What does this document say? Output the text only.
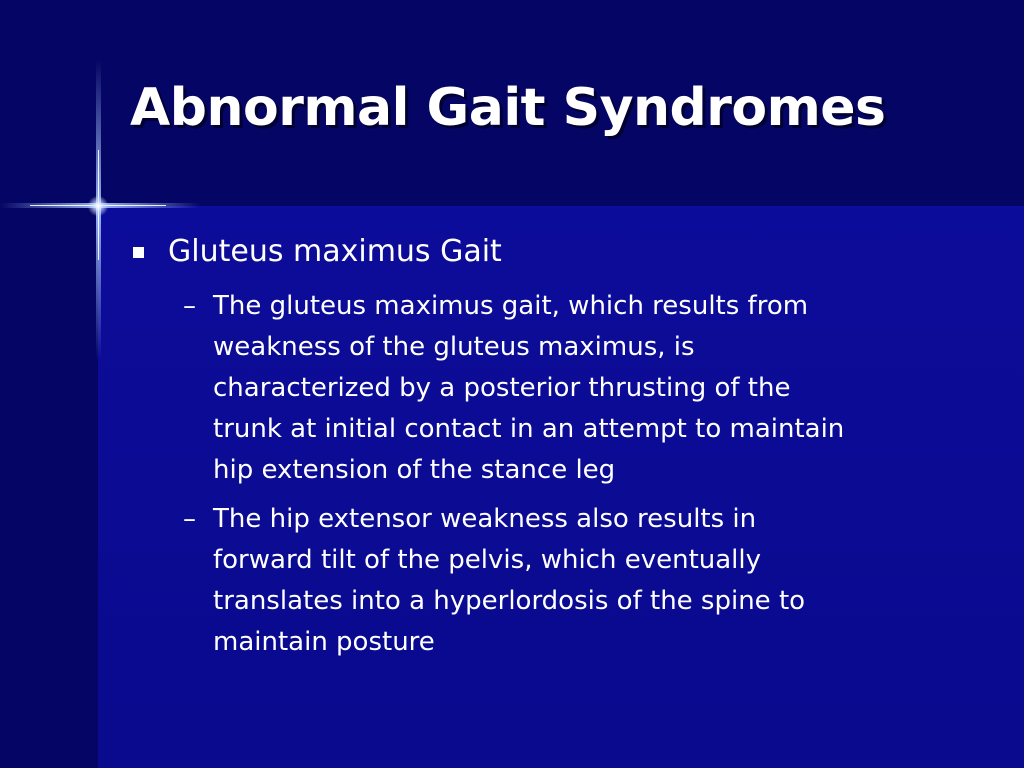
Abnormal Gait Syndromes
Gluteus maximus Gait
– The gluteus maximus gait, which results from
weakness of the gluteus maximus, is
characterized by a posterior thrusting of the
trunk at initial contact in an attempt to maintain
hip extension of the stance leg
– The hip extensor weakness also results in
forward tilt of the pelvis, which eventually
translates into a hyperlordosis of the spine to
maintain posture
